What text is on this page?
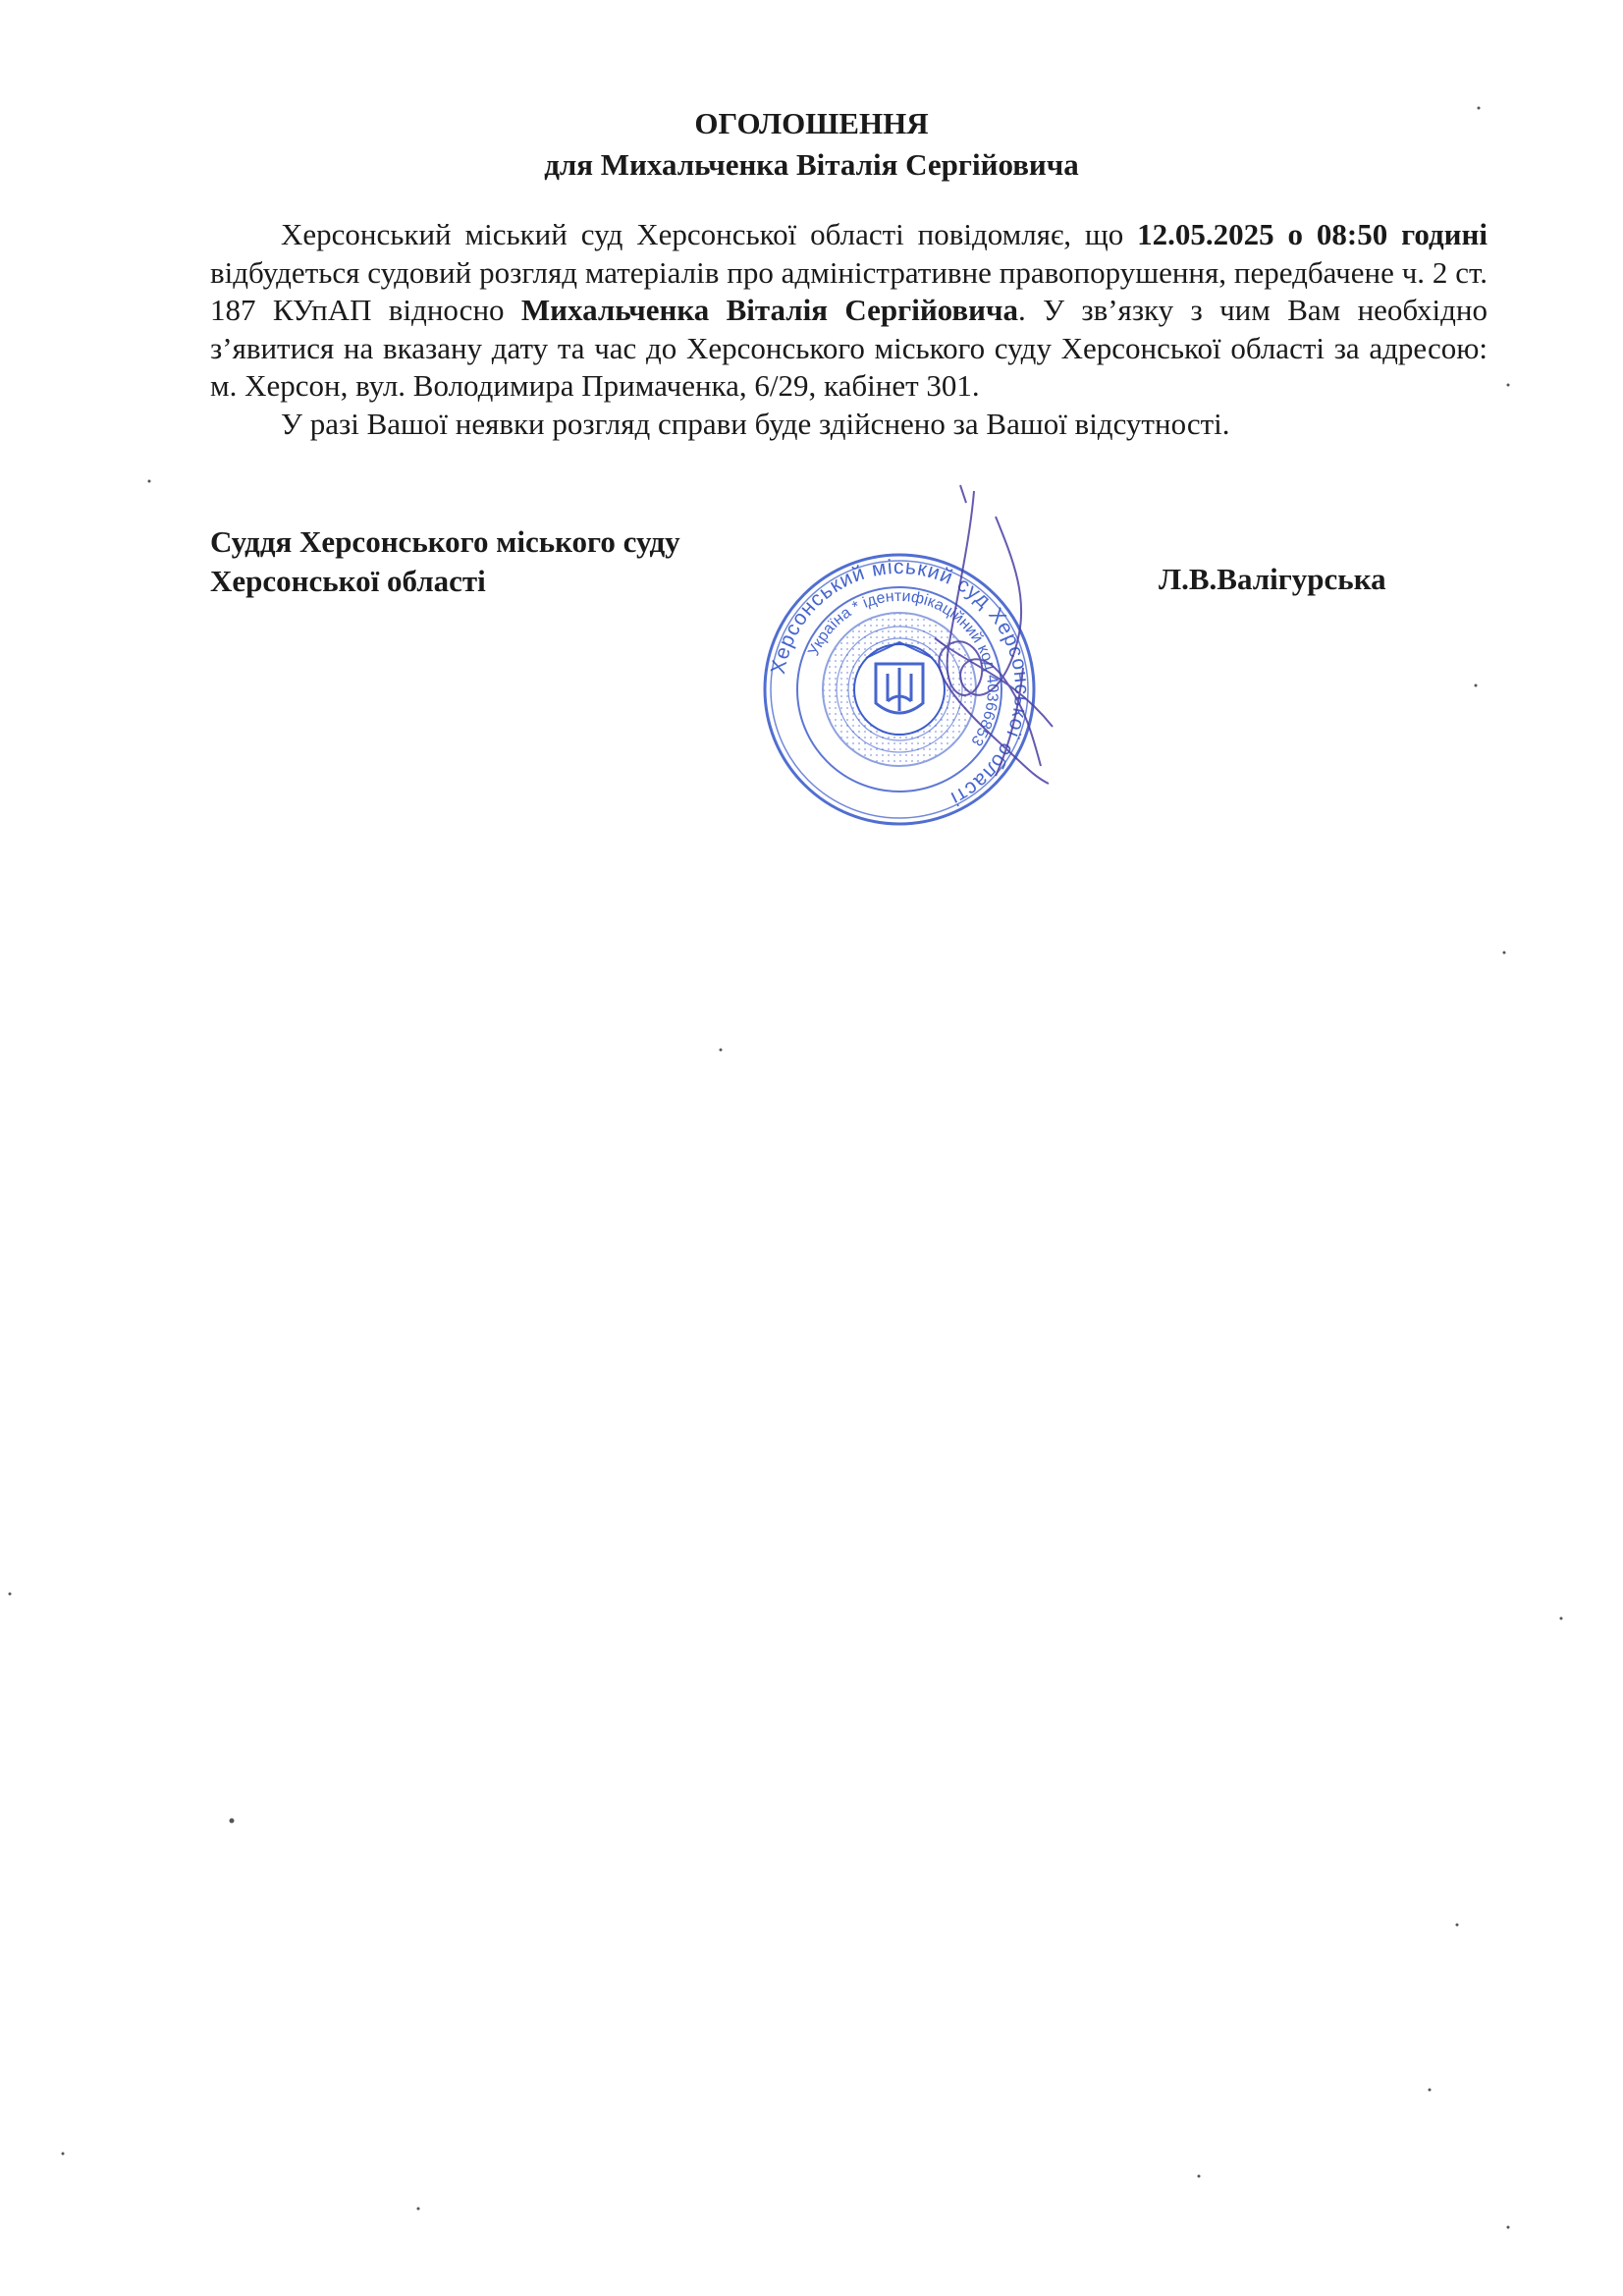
ОГОЛОШЕННЯ
для Михальченка Віталія Сергійовича

Херсонський міський суд Херсонської області повідомляє, що 12.05.2025 о 08:50 годині відбудеться судовий розгляд матеріалів про адміністративне правопорушення, передбачене ч. 2 ст. 187 КУпАП відносно Михальченка Віталія Сергійовича. У зв’язку з чим Вам необхідно з’явитися на вказану дату та час до Херсонського міського суду Херсонської області за адресою: м. Херсон, вул. Володимира Примаченка, 6/29, кабінет 301.

У разі Вашої неявки розгляд справи буде здійснено за Вашої відсутності.

Суддя Херсонського міського суду
Херсонської області	Л.В.Валігурська
Херсонський міський суд Херсонської області
Україна * ідентифікаційний код 40366853
